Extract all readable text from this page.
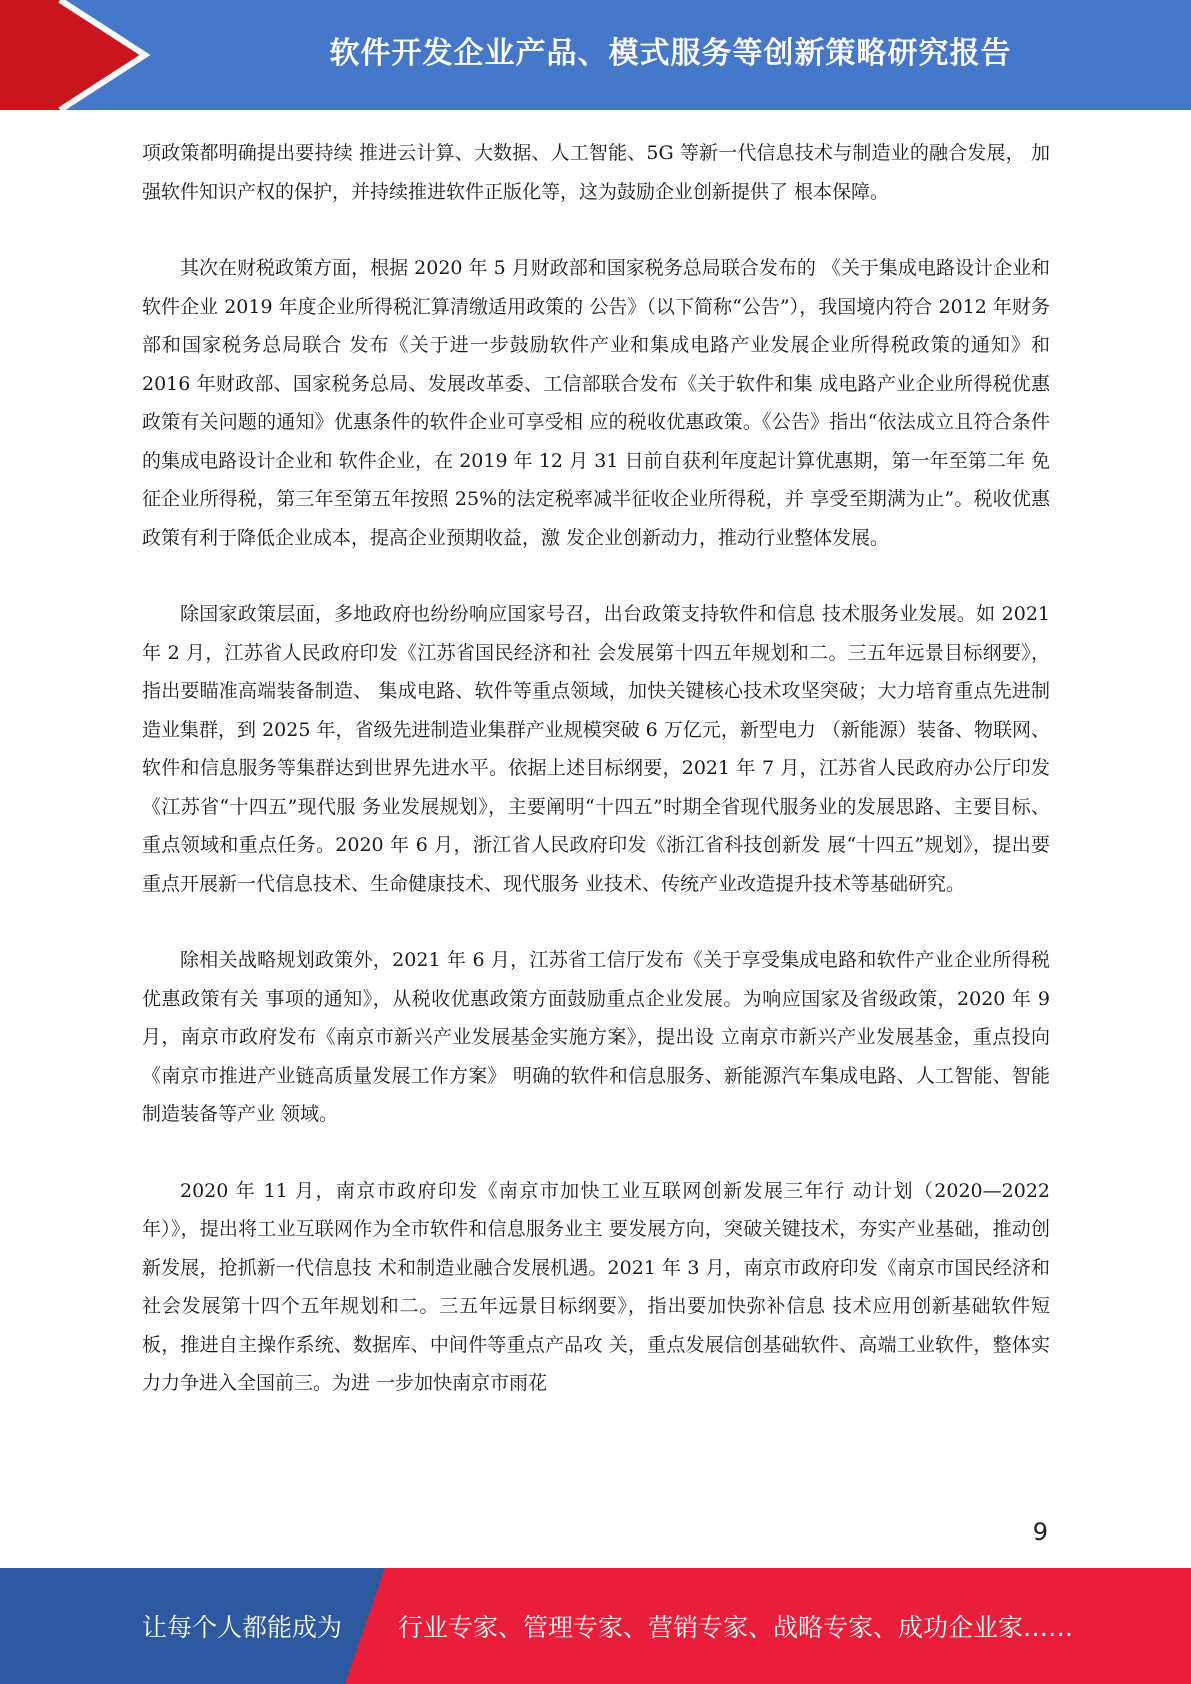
软件开发企业产品、模式服务等创新策略研究报告

项政策都明确提出要持续 推进云计算、大数据、人工智能、5G 等新一代信息技术与制造业的融合发展， 加强软件知识产权的保护，并持续推进软件正版化等，这为鼓励企业创新提供了 根本保障。

其次在财税政策方面，根据 2020 年 5 月财政部和国家税务总局联合发布的 《关于集成电路设计企业和软件企业 2019 年度企业所得税汇算清缴适用政策的 公告》（以下简称“公告”），我国境内符合 2012 年财务部和国家税务总局联合 发布《关于进一步鼓励软件产业和集成电路产业发展企业所得税政策的通知》和 2016 年财政部、国家税务总局、发展改革委、工信部联合发布《关于软件和集 成电路产业企业所得税优惠政策有关问题的通知》优惠条件的软件企业可享受相 应的税收优惠政策。《公告》指出“依法成立且符合条件的集成电路设计企业和 软件企业，在 2019 年 12 月 31 日前自获利年度起计算优惠期，第一年至第二年 免征企业所得税，第三年至第五年按照 25%的法定税率减半征收企业所得税，并 享受至期满为止”。税收优惠政策有利于降低企业成本，提高企业预期收益，激 发企业创新动力，推动行业整体发展。

除国家政策层面，多地政府也纷纷响应国家号召，出台政策支持软件和信息 技术服务业发展。如 2021 年 2 月，江苏省人民政府印发《江苏省国民经济和社 会发展第十四五年规划和二。三五年远景目标纲要》，指出要瞄准高端装备制造、 集成电路、软件等重点领域，加快关键核心技术攻坚突破；大力培育重点先进制 造业集群，到 2025 年，省级先进制造业集群产业规模突破 6 万亿元，新型电力 （新能源）装备、物联网、软件和信息服务等集群达到世界先进水平。依据上述目标纲要，2021 年 7 月，江苏省人民政府办公厅印发《江苏省“十四五”现代服 务业发展规划》，主要阐明“十四五”时期全省现代服务业的发展思路、主要目标、 重点领域和重点任务。2020 年 6 月，浙江省人民政府印发《浙江省科技创新发 展“十四五”规划》，提出要重点开展新一代信息技术、生命健康技术、现代服务 业技术、传统产业改造提升技术等基础研究。

除相关战略规划政策外，2021 年 6 月，江苏省工信厅发布《关于享受集成电路和软件产业企业所得税优惠政策有关 事项的通知》，从税收优惠政策方面鼓励重点企业发展。为响应国家及省级政策，2020 年 9 月，南京市政府发布《南京市新兴产业发展基金实施方案》，提出设 立南京市新兴产业发展基金，重点投向《南京市推进产业链高质量发展工作方案》 明确的软件和信息服务、新能源汽车集成电路、人工智能、智能制造装备等产业 领域。

2020 年 11 月，南京市政府印发《南京市加快工业互联网创新发展三年行 动计划（2020—2022 年）》，提出将工业互联网作为全市软件和信息服务业主 要发展方向，突破关键技术，夯实产业基础，推动创新发展，抢抓新一代信息技 术和制造业融合发展机遇。2021 年 3 月，南京市政府印发《南京市国民经济和 社会发展第十四个五年规划和二。三五年远景目标纲要》，指出要加快弥补信息 技术应用创新基础软件短板，推进自主操作系统、数据库、中间件等重点产品攻 关，重点发展信创基础软件、高端工业软件，整体实力力争进入全国前三。为进 一步加快南京市雨花

9
让每个人都能成为 行业专家、管理专家、营销专家、战略专家、成功企业家……
